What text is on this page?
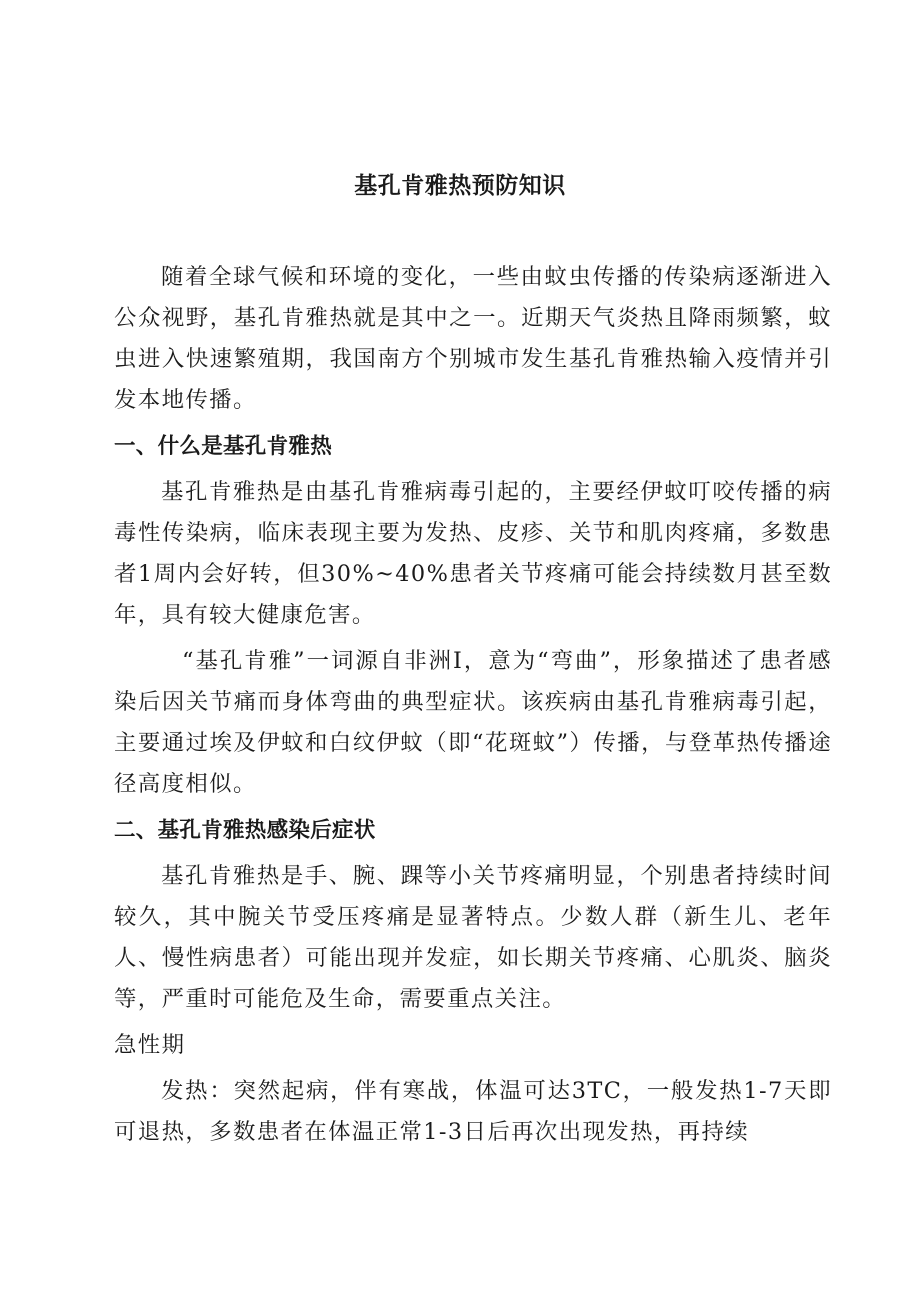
基孔肯雅热预防知识

随着全球气候和环境的变化，一些由蚊虫传播的传染病逐渐进入公众视野，基孔肯雅热就是其中之一。近期天气炎热且降雨频繁，蚊虫进入快速繁殖期，我国南方个别城市发生基孔肯雅热输入疫情并引发本地传播。

一、什么是基孔肯雅热

基孔肯雅热是由基孔肯雅病毒引起的，主要经伊蚊叮咬传播的病毒性传染病，临床表现主要为发热、皮疹、关节和肌肉疼痛，多数患者1周内会好转，但30%~40%患者关节疼痛可能会持续数月甚至数年，具有较大健康危害。

“基孔肯雅”一词源自非洲I，意为“弯曲”，形象描述了患者感染后因关节痛而身体弯曲的典型症状。该疾病由基孔肯雅病毒引起，主要通过埃及伊蚊和白纹伊蚊（即“花斑蚊”）传播，与登革热传播途径高度相似。

二、基孔肯雅热感染后症状

基孔肯雅热是手、腕、踝等小关节疼痛明显，个别患者持续时间较久，其中腕关节受压疼痛是显著特点。少数人群（新生儿、老年人、慢性病患者）可能出现并发症，如长期关节疼痛、心肌炎、脑炎等，严重时可能危及生命，需要重点关注。

急性期

发热：突然起病，伴有寒战，体温可达3TC，一般发热1-7天即可退热，多数患者在体温正常1-3日后再次出现发热，再持续
